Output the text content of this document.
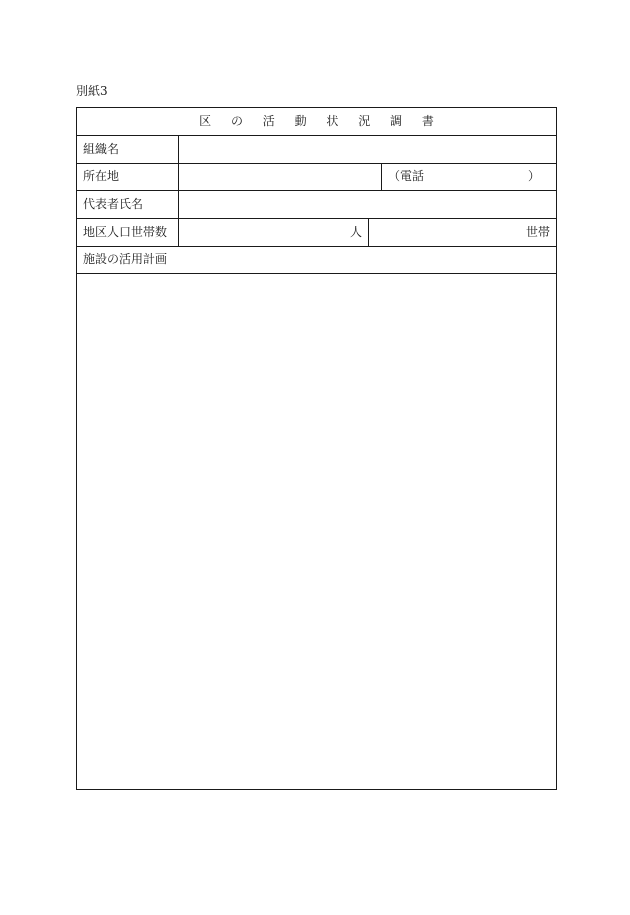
別紙3
区 の 活 動 状 況 調 書
組織名
所在地	（電話	）
代表者氏名
地区人口世帯数	人	世帯
施設の活用計画
